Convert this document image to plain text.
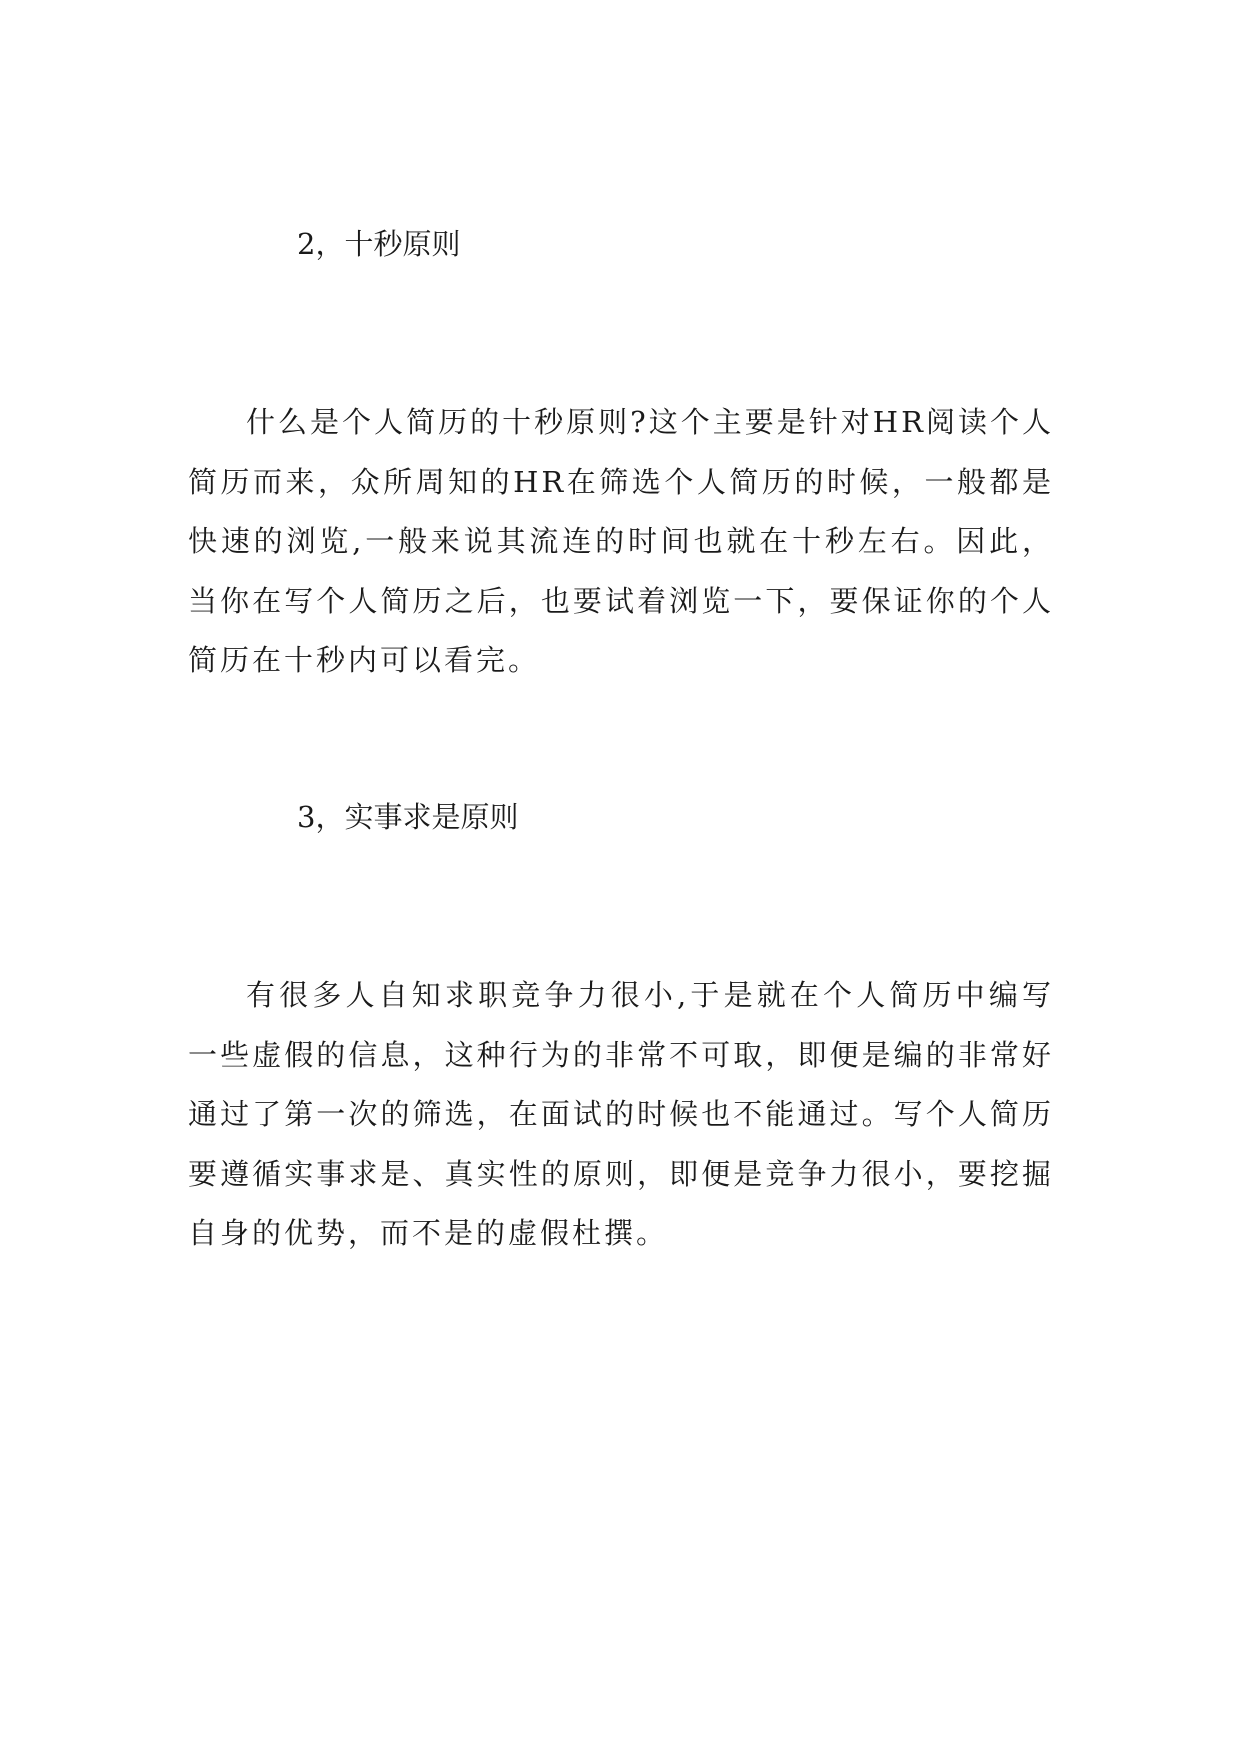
2，十秒原则

什么是个人简历的十秒原则?这个主要是针对HR阅读个人简历而来，众所周知的HR在筛选个人简历的时候，一般都是快速的浏览,一般来说其流连的时间也就在十秒左右。因此，当你在写个人简历之后，也要试着浏览一下，要保证你的个人简历在十秒内可以看完。

3，实事求是原则

有很多人自知求职竞争力很小,于是就在个人简历中编写一些虚假的信息，这种行为的非常不可取，即便是编的非常好通过了第一次的筛选，在面试的时候也不能通过。写个人简历要遵循实事求是、真实性的原则，即便是竞争力很小，要挖掘自身的优势，而不是的虚假杜撰。
